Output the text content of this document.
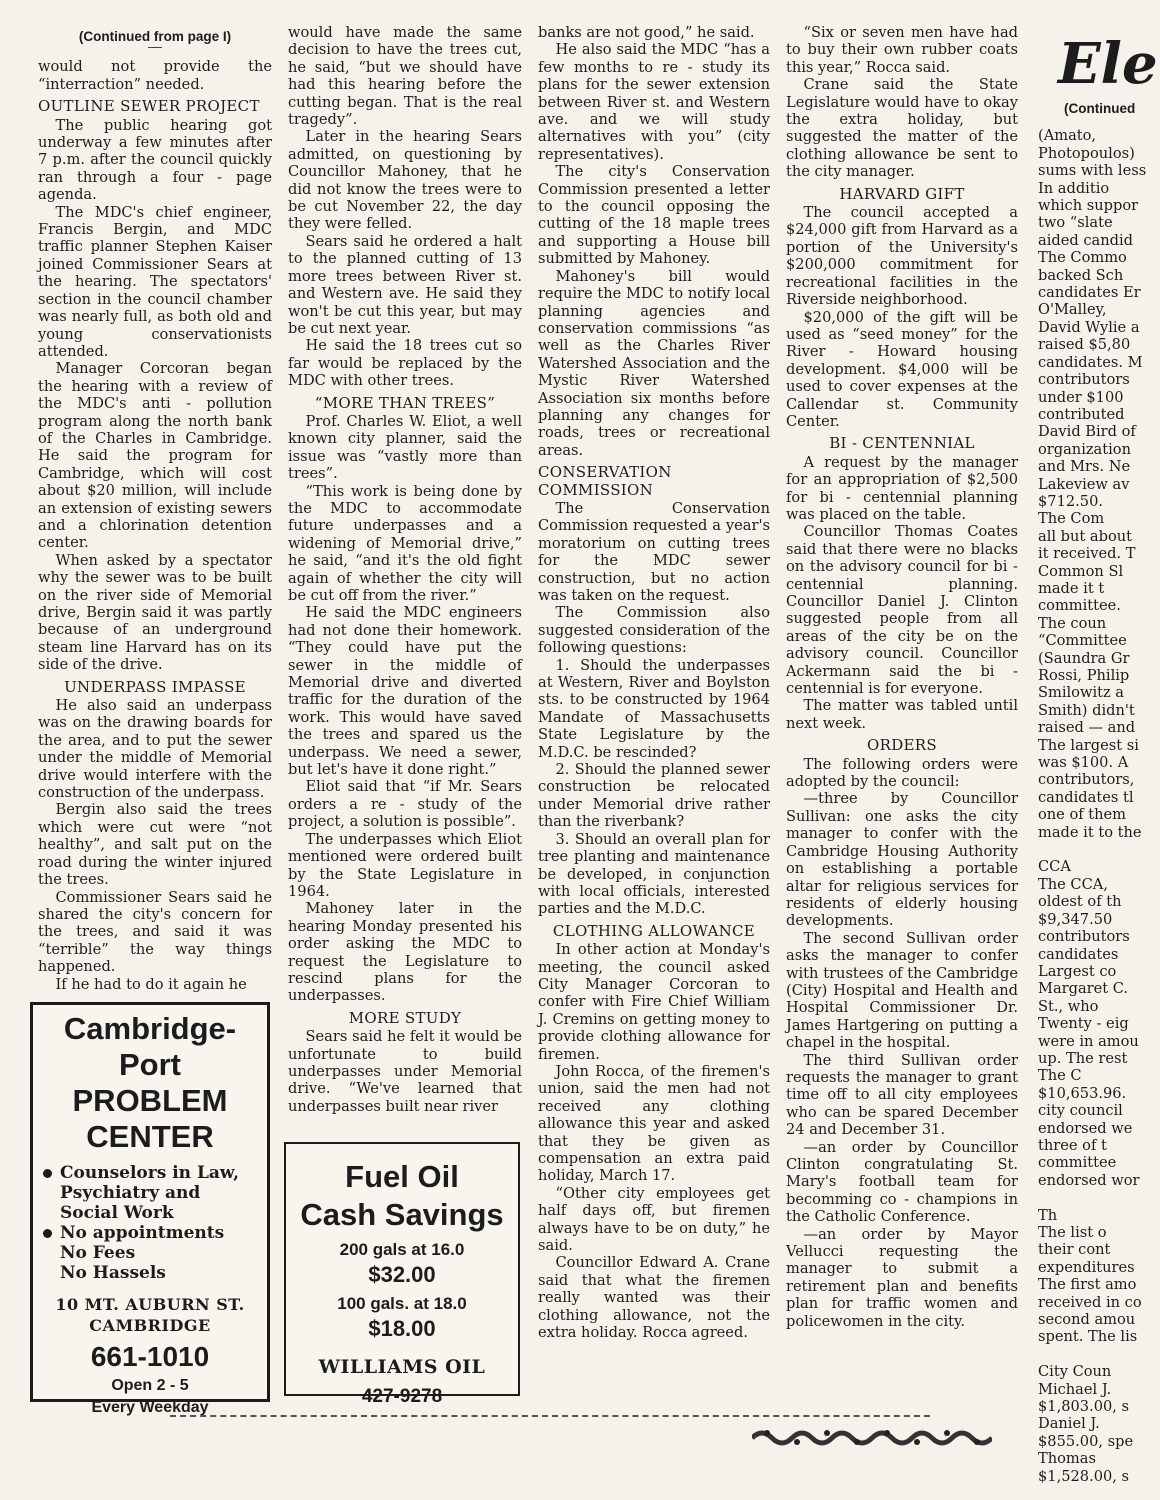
(Continued from page I)

would not provide the “interraction” needed.

OUTLINE SEWER PROJECT

The public hearing got underway a few minutes after 7 p.m. after the council quickly ran through a four - page agenda.

The MDC's chief engineer, Francis Bergin, and MDC traffic planner Stephen Kaiser joined Commissioner Sears at the hearing. The spectators' section in the council chamber was nearly full, as both old and young conservationists attended.

Manager Corcoran began the hearing with a review of the MDC's anti - pollution program along the north bank of the Charles in Cambridge. He said the program for Cambridge, which will cost about $20 million, will include an extension of existing sewers and a chlorination detention center.

When asked by a spectator why the sewer was to be built on the river side of Memorial drive, Bergin said it was partly because of an underground steam line Harvard has on its side of the drive.

UNDERPASS IMPASSE

He also said an underpass was on the drawing boards for the area, and to put the sewer under the middle of Memorial drive would interfere with the construction of the underpass.

Bergin also said the trees which were cut were “not healthy”, and salt put on the road during the winter injured the trees.

Commissioner Sears said he shared the city's concern for the trees, and said it was “terrible” the way things happened.

If he had to do it again he

would have made the same decision to have the trees cut, he said, “but we should have had this hearing before the cutting began. That is the real tragedy”.

Later in the hearing Sears admitted, on questioning by Councillor Mahoney, that he did not know the trees were to be cut November 22, the day they were felled.

Sears said he ordered a halt to the planned cutting of 13 more trees between River st. and Western ave. He said they won't be cut this year, but may be cut next year.

He said the 18 trees cut so far would be replaced by the MDC with other trees.

“MORE THAN TREES”

Prof. Charles W. Eliot, a well known city planner, said the issue was “vastly more than trees”.

“This work is being done by the MDC to accommodate future underpasses and a widening of Memorial drive,” he said, “and it's the old fight again of whether the city will be cut off from the river.”

He said the MDC engineers had not done their homework. “They could have put the sewer in the middle of Memorial drive and diverted traffic for the duration of the work. This would have saved the trees and spared us the underpass. We need a sewer, but let's have it done right.”

Eliot said that “if Mr. Sears orders a re - study of the project, a solution is possible”.

The underpasses which Eliot mentioned were ordered built by the State Legislature in 1964.

Mahoney later in the hearing Monday presented his order asking the MDC to request the Legislature to rescind plans for the underpasses.

MORE STUDY

Sears said he felt it would be unfortunate to build underpasses under Memorial drive. “We've learned that underpasses built near river

banks are not good,” he said.

He also said the MDC “has a few months to re - study its plans for the sewer extension between River st. and Western ave. and we will study alternatives with you” (city representatives).

The city's Conservation Commission presented a letter to the council opposing the cutting of the 18 maple trees and supporting a House bill submitted by Mahoney.

Mahoney's bill would require the MDC to notify local planning agencies and conservation commissions “as well as the Charles River Watershed Association and the Mystic River Watershed Association six months before planning any changes for roads, trees or recreational areas.

CONSERVATION COMMISSION

The Conservation Commission requested a year's moratorium on cutting trees for the MDC sewer construction, but no action was taken on the request.

The Commission also suggested consideration of the following questions:

1. Should the underpasses at Western, River and Boylston sts. to be constructed by 1964 Mandate of Massachusetts State Legislature by the M.D.C. be rescinded?

2. Should the planned sewer construction be relocated under Memorial drive rather than the riverbank?

3. Should an overall plan for tree planting and maintenance be developed, in conjunction with local officials, interested parties and the M.D.C.

CLOTHING ALLOWANCE

In other action at Monday's meeting, the council asked City Manager Corcoran to confer with Fire Chief William J. Cremins on getting money to provide clothing allowance for firemen.

John Rocca, of the firemen's union, said the men had not received any clothing allowance this year and asked that they be given as compensation an extra paid holiday, March 17.

“Other city employees get half days off, but firemen always have to be on duty,” he said.

Councillor Edward A. Crane said that what the firemen really wanted was their clothing allowance, not the extra holiday. Rocca agreed.

“Six or seven men have had to buy their own rubber coats this year,” Rocca said.

Crane said the State Legislature would have to okay the extra holiday, but suggested the matter of the clothing allowance be sent to the city manager.

HARVARD GIFT

The council accepted a $24,000 gift from Harvard as a portion of the University's $200,000 commitment for recreational facilities in the Riverside neighborhood.

$20,000 of the gift will be used as “seed money” for the River - Howard housing development. $4,000 will be used to cover expenses at the Callendar st. Community Center.

BI - CENTENNIAL

A request by the manager for an appropriation of $2,500 for bi - centennial planning was placed on the table.

Councillor Thomas Coates said that there were no blacks on the advisory council for bi - centennial planning. Councillor Daniel J. Clinton suggested people from all areas of the city be on the advisory council. Councillor Ackermann said the bi - centennial is for everyone.

The matter was tabled until next week.

ORDERS

The following orders were adopted by the council:

—three by Councillor Sullivan: one asks the city manager to confer with the Cambridge Housing Authority on establishing a portable altar for religious services for residents of elderly housing developments.

The second Sullivan order asks the manager to confer with trustees of the Cambridge (City) Hospital and Health and Hospital Commissioner Dr. James Hartgering on putting a chapel in the hospital.

The third Sullivan order requests the manager to grant time off to all city employees who can be spared December 24 and December 31.

—an order by Councillor Clinton congratulating St. Mary's football team for becomming co - champions in the Catholic Conference.

—an order by Mayor Vellucci requesting the manager to submit a retirement plan and benefits plan for traffic women and policewomen in the city.

Ele
(Continued
(Amato,
Photopoulos)
sums with less
In additio
which suppor
two “slate
aided candid
The Commo
backed Sch
candidates Er
O'Malley,
David Wylie a
raised $5,80
candidates. M
contributors
under $100
contributed
David Bird of
organization
and Mrs. Ne
Lakeview av
$712.50.
The Com
all but about
it received. T
Common Sl
made it t
committee.
The coun
“Committee
(Saundra Gr
Rossi, Philip
Smilowitz a
Smith) didn't
raised — and
The largest si
was $100. A
contributors,
candidates tl
one of them
made it to the

CCA
The CCA,
oldest of th
$9,347.50
contributors
candidates
Largest co
Margaret C.
St., who
Twenty - eig
were in amou
up. The rest
The C
$10,653.96.
city council
endorsed we
three of t
committee
endorsed wor

Th
The list o
their cont
expenditures
The first amo
received in co
second amou
spent. The lis

City Coun
Michael J.
$1,803.00, s
Daniel J.
$855.00, spe
Thomas
$1,528.00, s
Cambridge-
Port
PROBLEM
CENTER
Counselors in Law,
Psychiatry and
Social Work
No appointments
No Fees
No Hassels
10 MT. AUBURN ST.
CAMBRIDGE
661-1010
Open 2 - 5
Every Weekday
Fuel Oil
Cash Savings
200 gals at 16.0
$32.00
100 gals. at 18.0
$18.00
WILLIAMS OIL
427-9278
